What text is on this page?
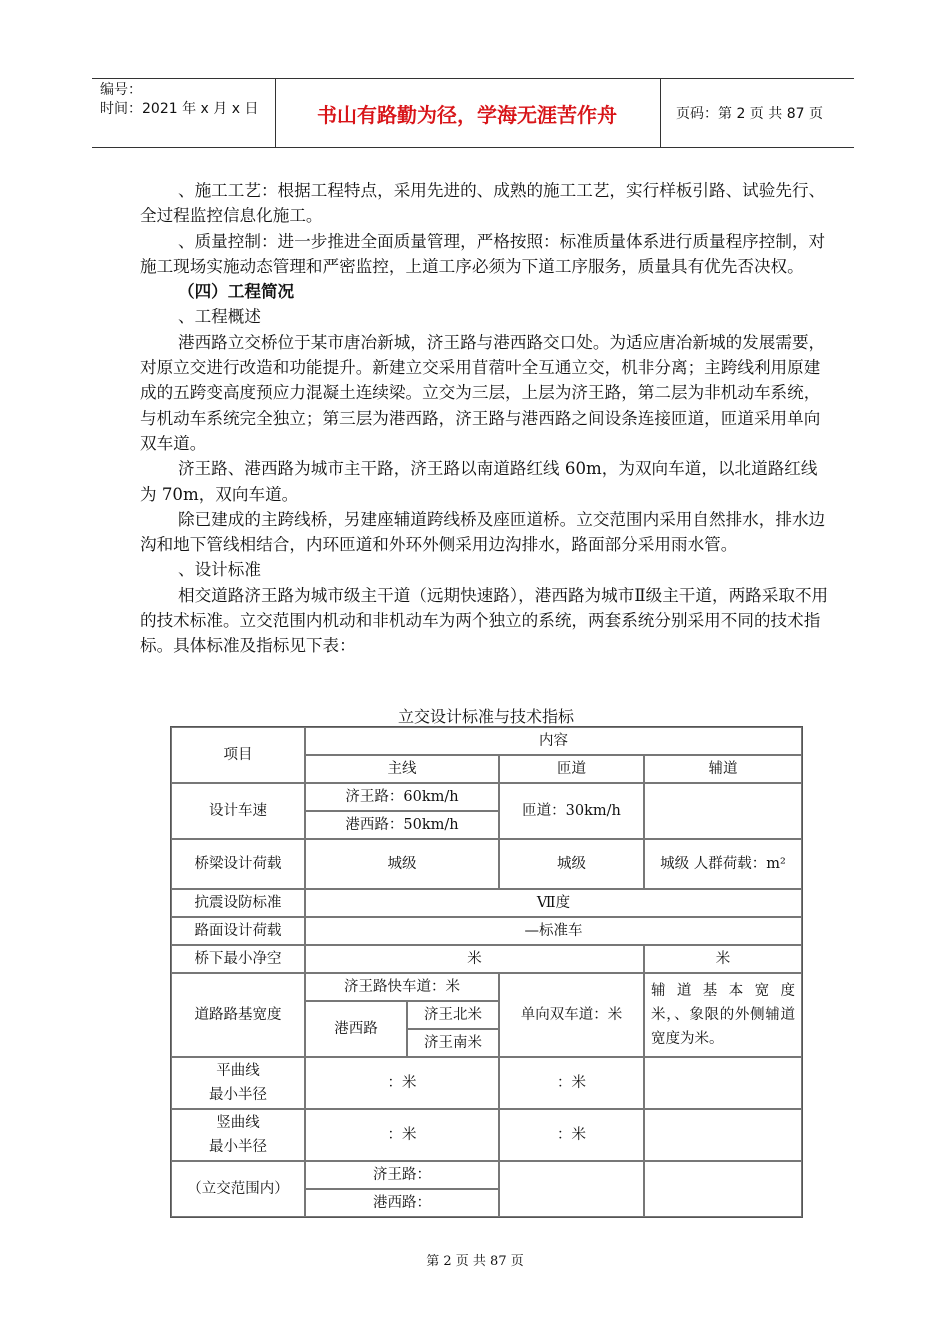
编号：
时间：2021 年 x 月 x 日	书山有路勤为径，学海无涯苦作舟	页码：第 2 页 共 87 页

、施工工艺：根据工程特点，采用先进的、成熟的施工工艺，实行样板引路、试验先行、全过程监控信息化施工。

、质量控制：进一步推进全面质量管理，严格按照：标准质量体系进行质量程序控制，对施工现场实施动态管理和严密监控，上道工序必须为下道工序服务，质量具有优先否决权。

（四）工程简况

、工程概述

港西路立交桥位于某市唐冶新城，济王路与港西路交口处。为适应唐冶新城的发展需要，对原立交进行改造和功能提升。新建立交采用苜蓿叶全互通立交，机非分离；主跨线利用原建成的五跨变高度预应力混凝土连续梁。立交为三层，上层为济王路，第二层为非机动车系统，与机动车系统完全独立；第三层为港西路，济王路与港西路之间设条连接匝道，匝道采用单向双车道。

济王路、港西路为城市主干路，济王路以南道路红线 60m，为双向车道，以北道路红线为 70m，双向车道。

除已建成的主跨线桥，另建座辅道跨线桥及座匝道桥。立交范围内采用自然排水，排水边沟和地下管线相结合，内环匝道和外环外侧采用边沟排水，路面部分采用雨水管。

、设计标准

相交道路济王路为城市级主干道（远期快速路），港西路为城市Ⅱ级主干道，两路采取不用的技术标准。立交范围内机动和非机动车为两个独立的系统，两套系统分别采用不同的技术指标。具体标准及指标见下表：

立交设计标准与技术指标
项目	内容			
	主线		匝道	辅道
设计车速	济王路：60km/h		匝道：30km/h	
	港西路：50km/h			
桥梁设计荷载	城级		城级	城级 人群荷载：m²
抗震设防标准	Ⅶ度			
路面设计荷载	—标准车			
桥下最小净空	米			米
道路路基宽度	济王路快车道：米		单向双车道：米	辅 道 基 本 宽 度 米，、象限的外侧辅道宽度为米。
	港西路	济王北米		
		济王南米		

平曲线
最小半径	：米		：米	

竖曲线
最小半径	：米		：米	
（立交范围内）	济王路：			
	港西路：			
第 2 页 共 87 页
